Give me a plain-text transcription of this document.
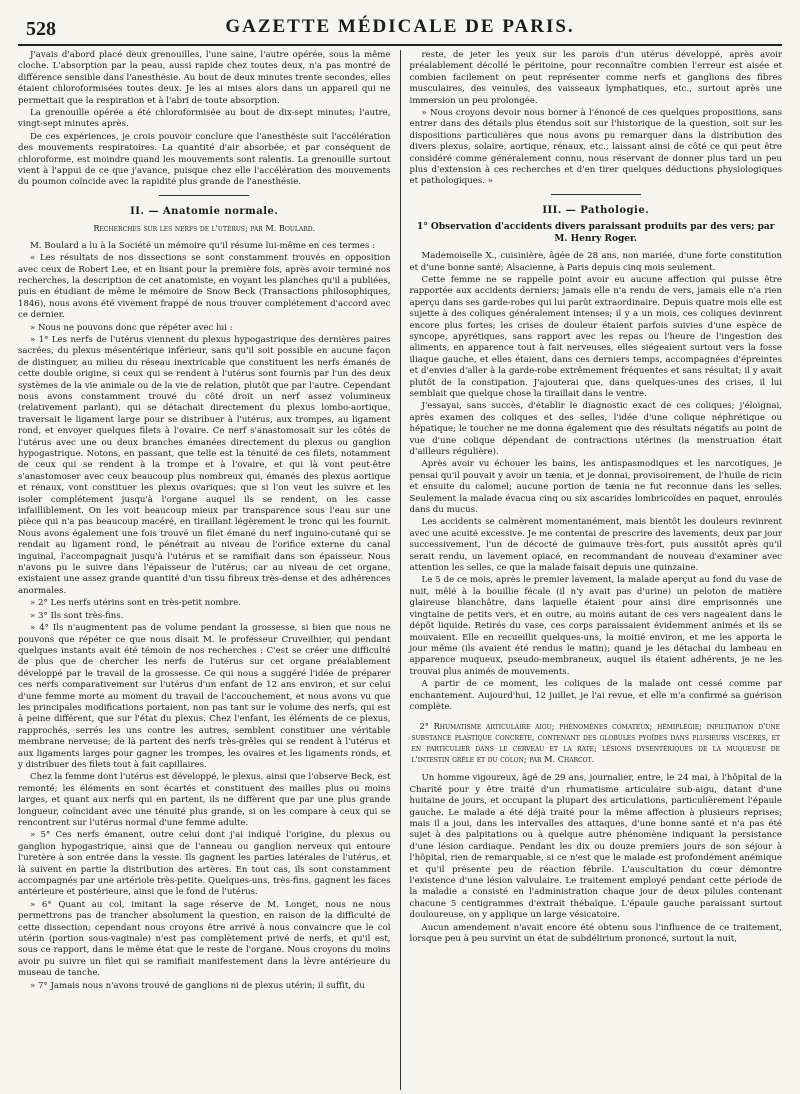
528	GAZETTE MÉDICALE DE PARIS.

J'avais d'abord placé deux grenouilles, l'une saine, l'autre opérée, sous la même cloche. L'absorption par la peau, aussi rapide chez toutes deux, n'a pas montré de différence sensible dans l'anesthésie. Au bout de deux minutes trente secondes, elles étaient chloroformisées toutes deux. Je les ai mises alors dans un appareil qui ne permettait que la respiration et à l'abri de toute absorption.

La grenouille opérée a été chloroformisée au bout de dix-sept minutes; l'autre, vingt-sept minutes après.

De ces expériences, je crois pouvoir conclure que l'anesthésie suit l'accélération des mouvements respiratoires. La quantité d'air absorbée, et par conséquent de chloroforme, est moindre quand les mouvements sont ralentis. La grenouille surtout vient à l'appui de ce que j'avance, puisque chez elle l'accélération des mouvements du poumon coïncide avec la rapidité plus grande de l'anesthésie.

II. — Anatomie normale.
Recherches sur les nerfs de l'utérus; par M. Boulard.

M. Boulard a lu à la Société un mémoire qu'il résume lui-même en ces termes :

« Les résultats de nos dissections se sont constamment trouvés en opposition avec ceux de Robert Lee, et en lisant pour la première fois, après avoir terminé nos recherches, la description de cet anatomiste, en voyant les planches qu'il a publiées, puis en étudiant de même le mémoire de Snow Beck (Transactions philosophiques, 1846), nous avons été vivement frappé de nous trouver complétement d'accord avec ce dernier.

» Nous ne pouvons donc que répéter avec lui :

» 1° Les nerfs de l'utérus viennent du plexus hypogastrique des dernières paires sacrées, du plexus mésentérique inférieur, sans qu'il soit possible en aucune façon de distinguer, au milieu du réseau inextricable que constituent les nerfs émanés de cette double origine, si ceux qui se rendent à l'utérus sont fournis par l'un des deux systèmes de la vie animale ou de la vie de relation, plutôt que par l'autre. Cependant nous avons constamment trouvé du côté droit un nerf assez volumineux (relativement parlant), qui se détachait directement du plexus lombo-aortique, traversait le ligament large pour se distribuer à l'utérus, aux trompes, au ligament rond, et envoyer quelques filets à l'ovaire. Ce nerf s'anastomosait sur les côtés de l'utérus avec une ou deux branches émanées directement du plexus ou ganglion hypogastrique. Notons, en passant, que telle est la ténuité de ces filets, notamment de ceux qui se rendent à la trompe et à l'ovaire, et qui là vont peut-être s'anastomoser avec ceux beaucoup plus nombreux qui, émanés des plexus aortique et rénaux, vont constituer les plexus ovariques; que si l'on veut les suivre et les isoler complétement jusqu'à l'organe auquel ils se rendent, on les casse infailliblement. On les voit beaucoup mieux par transparence sous l'eau sur une pièce qui n'a pas beaucoup macéré, en tiraillant légèrement le tronc qui les fournit. Nous avons également une fois trouvé un filet émané du nerf inguino-cutané qui se rendait au ligament rond, le pénétrait au niveau de l'orifice externe du canal inguinal, l'accompagnait jusqu'à l'utérus et se ramifiait dans son épaisseur. Nous n'avons pu le suivre dans l'épaisseur de l'utérus; car au niveau de cet organe, existaient une assez grande quantité d'un tissu fibreux très-dense et des adhérences anormales.

» 2° Les nerfs utérins sont en très-petit nombre.

» 3° Ils sont très-fins.

» 4° Ils n'augmentent pas de volume pendant la grossesse, si bien que nous ne pouvons que répéter ce que nous disait M. le professeur Cruveilhier, qui pendant quelques instants avait été témoin de nos recherches : C'est se créer une difficulté de plus que de chercher les nerfs de l'utérus sur cet organe préalablement développé par le travail de la grossesse. Ce qui nous a suggéré l'idée de préparer ces nerfs comparativement sur l'utérus d'un enfant de 12 ans environ, et sur celui d'une femme morte au moment du travail de l'accouchement, et nous avons vu que les principales modifications portaient, non pas tant sur le volume des nerfs, qui est à peine différent, que sur l'état du plexus. Chez l'enfant, les éléments de ce plexus, rapprochés, serrés les uns contre les autres, semblent constituer une véritable membrane nerveuse; de là partent des nerfs très-grêles qui se rendent à l'utérus et aux ligaments larges pour gagner les trompes, les ovaires et les ligaments ronds, et y distribuer des filets tout à fait capillaires.

Chez la femme dont l'utérus est développé, le plexus, ainsi que l'observe Beck, est remonté; les éléments en sont écartés et constituent des mailles plus ou moins larges, et quant aux nerfs qui en partent, ils ne diffèrent que par une plus grande longueur, coïncidant avec une ténuité plus grande, si on les compare à ceux qui se rencontrent sur l'utérus normal d'une femme adulte.

» 5° Ces nerfs émanent, outre celui dont j'ai indiqué l'origine, du plexus ou ganglion hypogastrique, ainsi que de l'anneau ou ganglion nerveux qui entoure l'uretère à son entrée dans la vessie. Ils gagnent les parties latérales de l'utérus, et là suivent en partie la distribution des artères. En tout cas, ils sont constamment accompagnés par une artériole très-petite. Quelques-uns, très-fins, gagnent les faces antérieure et postérieure, ainsi que le fond de l'utérus.

» 6° Quant au col, imitant la sage réserve de M. Longet, nous ne nous permettrons pas de trancher absolument la question, en raison de la difficulté de cette dissection; cependant nous croyons être arrivé à nous convaincre que le col utérin (portion sous-vaginale) n'est pas complètement privé de nerfs, et qu'il est, sous ce rapport, dans le même état que le reste de l'organe. Nous croyons du moins avoir pu suivre un filet qui se ramifiait manifestement dans la lèvre antérieure du museau de tanche.

» 7° Jamais nous n'avons trouvé de ganglions ni de plexus utérin; il suffit, du

reste, de jeter les yeux sur les parois d'un utérus développé, après avoir préalablement décollé le péritoine, pour reconnaître combien l'erreur est aisée et combien facilement on peut représenter comme nerfs et ganglions des fibres musculaires, des veinules, des vaisseaux lymphatiques, etc., surtout après une immersion un peu prolongée.

» Nous croyons devoir nous borner à l'énoncé de ces quelques propositions, sans entrer dans des détails plus étendus soit sur l'historique de la question, soit sur les dispositions particulières que nous avons pu remarquer dans la distribution des divers plexus, solaire, aortique, rénaux, etc., laissant ainsi de côté ce qui peut être considéré comme généralement connu, nous réservant de donner plus tard un peu plus d'extension à ces recherches et d'en tirer quelques déductions physiologiques et pathologiques. »

III. — Pathologie.
1° Observation d'accidents divers paraissant produits par des vers; par M. Henry Roger.

Mademoiselle X., cuisinière, âgée de 28 ans, non mariée, d'une forte constitution et d'une bonne santé; Alsacienne, à Paris depuis cinq mois seulement.

Cette femme ne se rappelle point avoir eu aucune affection qui puisse être rapportée aux accidents derniers; jamais elle n'a rendu de vers, jamais elle n'a rien aperçu dans ses garde-robes qui lui parût extraordinaire. Depuis quatre mois elle est sujette à des coliques généralement intenses; il y a un mois, ces coliques devinrent encore plus fortes; les crises de douleur étaient parfois suivies d'une espèce de syncope, apyrétiques, sans rapport avec les repas ou l'heure de l'ingestion des aliments, en apparence tout à fait nerveuses, elles siégeaient surtout vers la fosse iliaque gauche, et elles étaient, dans ces derniers temps, accompagnées d'épreintes et d'envies d'aller à la garde-robe extrêmement fréquentes et sans résultat; il y avait plutôt de la constipation. J'ajouterai que, dans quelques-unes des crises, il lui semblait que quelque chose la tiraillait dans le ventre.

J'essayai, sans succès, d'établir le diagnostic exact de ces coliques; j'éloignai, après examen des coliques et des selles, l'idée d'une colique néphrétique ou hépatique; le toucher ne me donna également que des résultats négatifs au point de vue d'une colique dépendant de contractions utérines (la menstruation était d'ailleurs régulière).

Après avoir vu échouer les bains, les antispasmodiques et les narcotiques, je pensai qu'il pouvait y avoir un tænia, et je donnai, provisoirement, de l'huile de ricin et ensuite du calomel; aucune portion de tænia ne fut reconnue dans les selles. Seulement la malade évacua cinq ou six ascarides lombricoïdes en paquet, enroulés dans du mucus.

Les accidents se calmèrent momentanément, mais bientôt les douleurs revinrent avec une acuité excessive. Je me contentai de prescrire des lavements, deux par jour successivement, l'un de décocté de guimauve très-fort, puis aussitôt après qu'il serait rendu, un lavement opiacé, en recommandant de nouveau d'examiner avec attention les selles, ce que la malade faisait depuis une quinzaine.

Le 5 de ce mois, après le premier lavement, la malade aperçut au fond du vase de nuit, mêlé à la bouillie fécale (il n'y avait pas d'urine) un peloton de matière glaireuse blanchâtre, dans laquelle étaient pour ainsi dire emprisonnés une vingtaine de petits vers, et en outre, au moins autant de ces vers nageaient dans le dépôt liquide. Retirés du vase, ces corps paraissaient évidemment animés et ils se mouvaient. Elle en recueillit quelques-uns, la moitié environ, et me les apporta le jour même (ils avaient été rendus le matin); quand je les détachai du lambeau en apparence muqueux, pseudo-membraneux, auquel ils étaient adhérents, je ne les trouvai plus animés de mouvements.

A partir de ce moment, les coliques de la malade ont cessé comme par enchantement. Aujourd'hui, 12 juillet, je l'ai revue, et elle m'a confirmé sa guérison complète.

2° Rhumatisme articulaire aigu; phénomènes comateux; hémiplégie; infiltration d'une substance plastique concrète, contenant des globules pyoïdes dans plusieurs viscères, et en particulier dans le cerveau et la rate; lésions dysentériques de la muqueuse de l'intestin grêle et du colon; par M. Charcot.

Un homme vigoureux, âgé de 29 ans, journalier, entre, le 24 mai, à l'hôpital de la Charité pour y être traité d'un rhumatisme articulaire sub-aigu, datant d'une huitaine de jours, et occupant la plupart des articulations, particulièrement l'épaule gauche. Le malade a été déjà traité pour la même affection à plusieurs reprises; mais il a joui, dans les intervalles des attaques, d'une bonne santé et n'a pas été sujet à des palpitations ou à quelque autre phénomène indiquant la persistance d'une lésion cardiaque. Pendant les dix ou douze premiers jours de son séjour à l'hôpital, rien de remarquable, si ce n'est que le malade est profondément anémique et qu'il présente peu de réaction fébrile. L'auscultation du cœur démontre l'existence d'une lésion valvulaire. Le traitement employé pendant cette période de la maladie a consisté en l'administration chaque jour de deux pilules contenant chacune 5 centigrammes d'extrait thébaïque. L'épaule gauche paraissant surtout douloureuse, on y applique un large vésicatoire.

Aucun amendement n'avait encore été obtenu sous l'influence de ce traitement, lorsque peu à peu survint un état de subdélirium prononcé, surtout la nuit,
